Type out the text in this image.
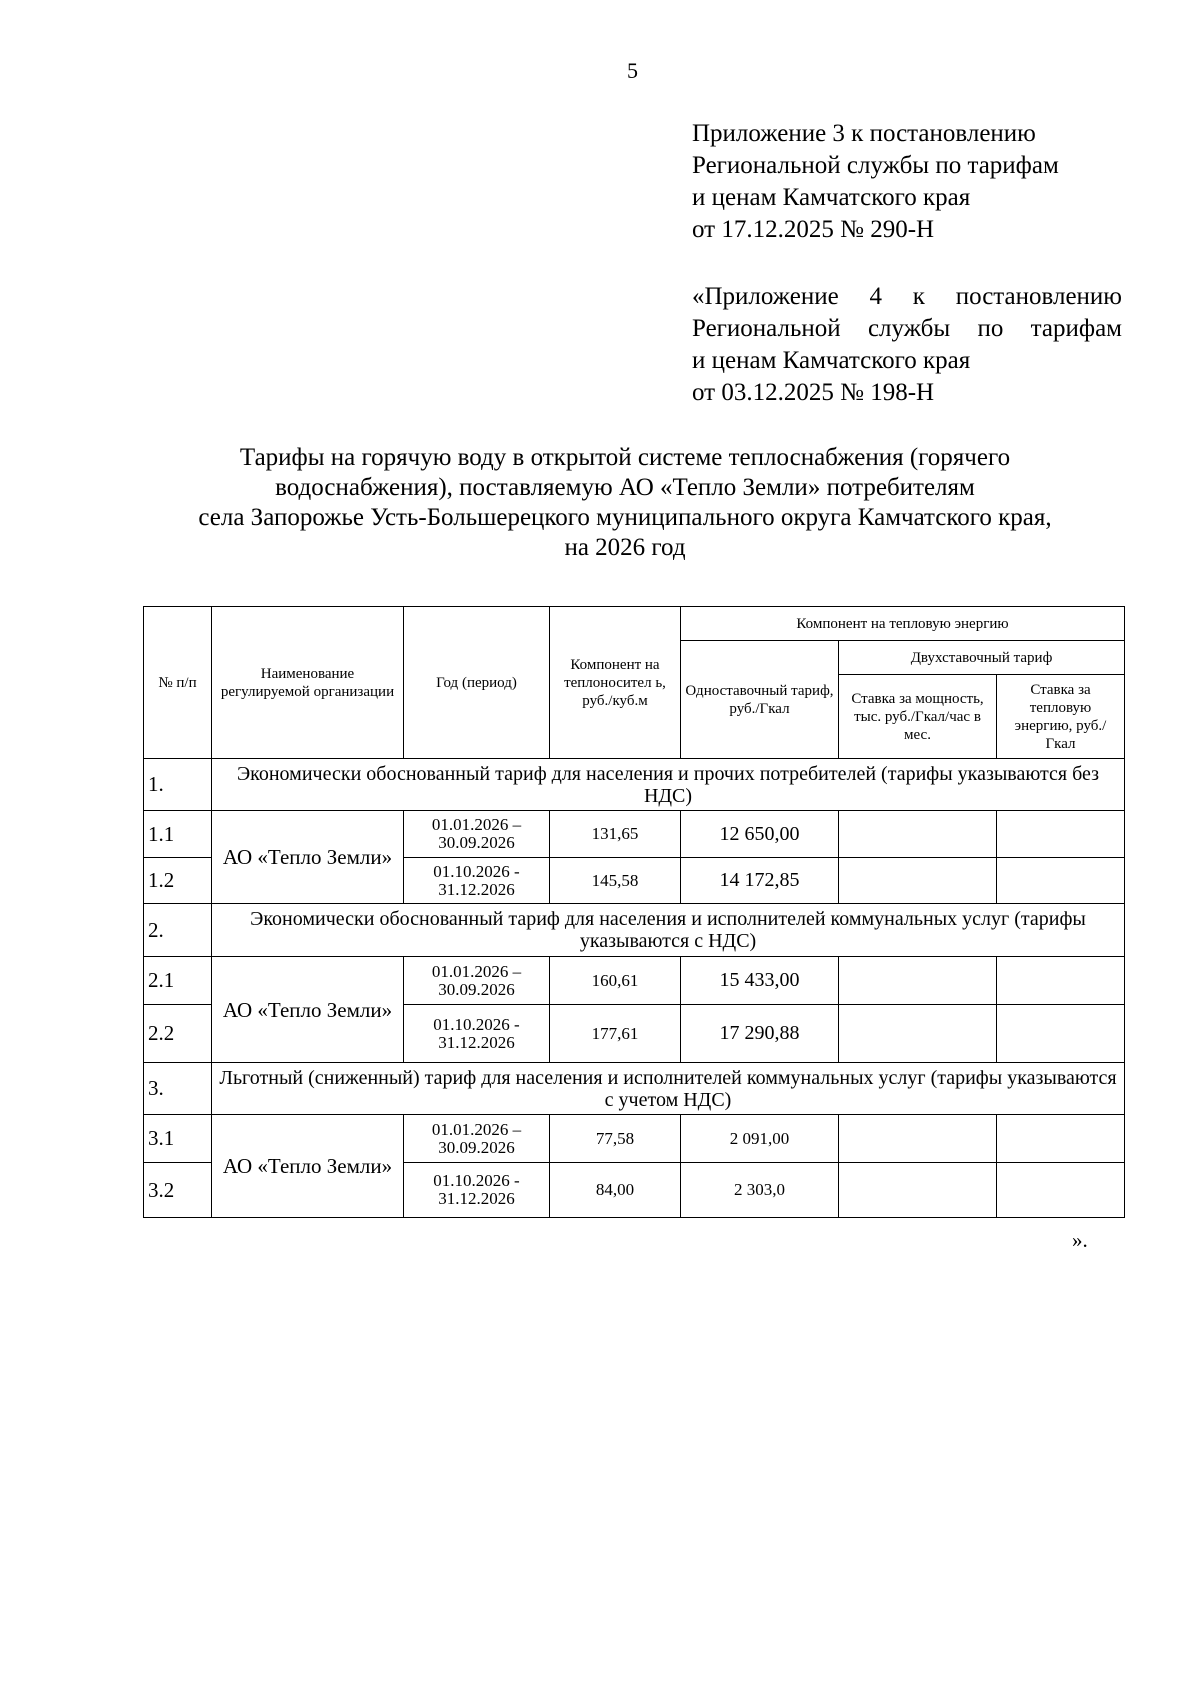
5
Приложение 3 к постановлению
Региональной службы по тарифам
и ценам Камчатского края
от 17.12.2025 № 290-Н
«Приложение 4 к постановлению
Региональной службы по тарифам
и ценам Камчатского края
от 03.12.2025 № 198-Н
Тарифы на горячую воду в открытой системе теплоснабжения (горячего
водоснабжения), поставляемую АО «Тепло Земли» потребителям
села Запорожье Усть-Большерецкого муниципального округа Камчатского края,
на 2026 год
№ п/п	Наименование регулируемой организации	Год (период)	Компонент на теплоносител ь, руб./куб.м	Компонент на тепловую энергию		
				Одноставочный тариф, руб./Гкал	Двухставочный тариф	
					Ставка за мощность, тыс. руб./Гкал/час в мес.	Ставка за тепловую энергию, руб./Гкал
1.	Экономически обоснованный тариф для населения и прочих потребителей (тарифы указываются без НДС)					
1.1	АО «Тепло Земли»	01.01.2026 – 30.09.2026	131,65	12 650,00		
1.2		01.10.2026 - 31.12.2026	145,58	14 172,85		
2.	Экономически обоснованный тариф для населения и исполнителей коммунальных услуг (тарифы указываются с НДС)					
2.1	АО «Тепло Земли»	01.01.2026 – 30.09.2026	160,61	15 433,00		
2.2		01.10.2026 - 31.12.2026	177,61	17 290,88		
3.	Льготный (сниженный) тариф для населения и исполнителей коммунальных услуг (тарифы указываются с учетом НДС)					
3.1	АО «Тепло Земли»	01.01.2026 – 30.09.2026	77,58	2 091,00		
3.2		01.10.2026 - 31.12.2026	84,00	2 303,0		
».
